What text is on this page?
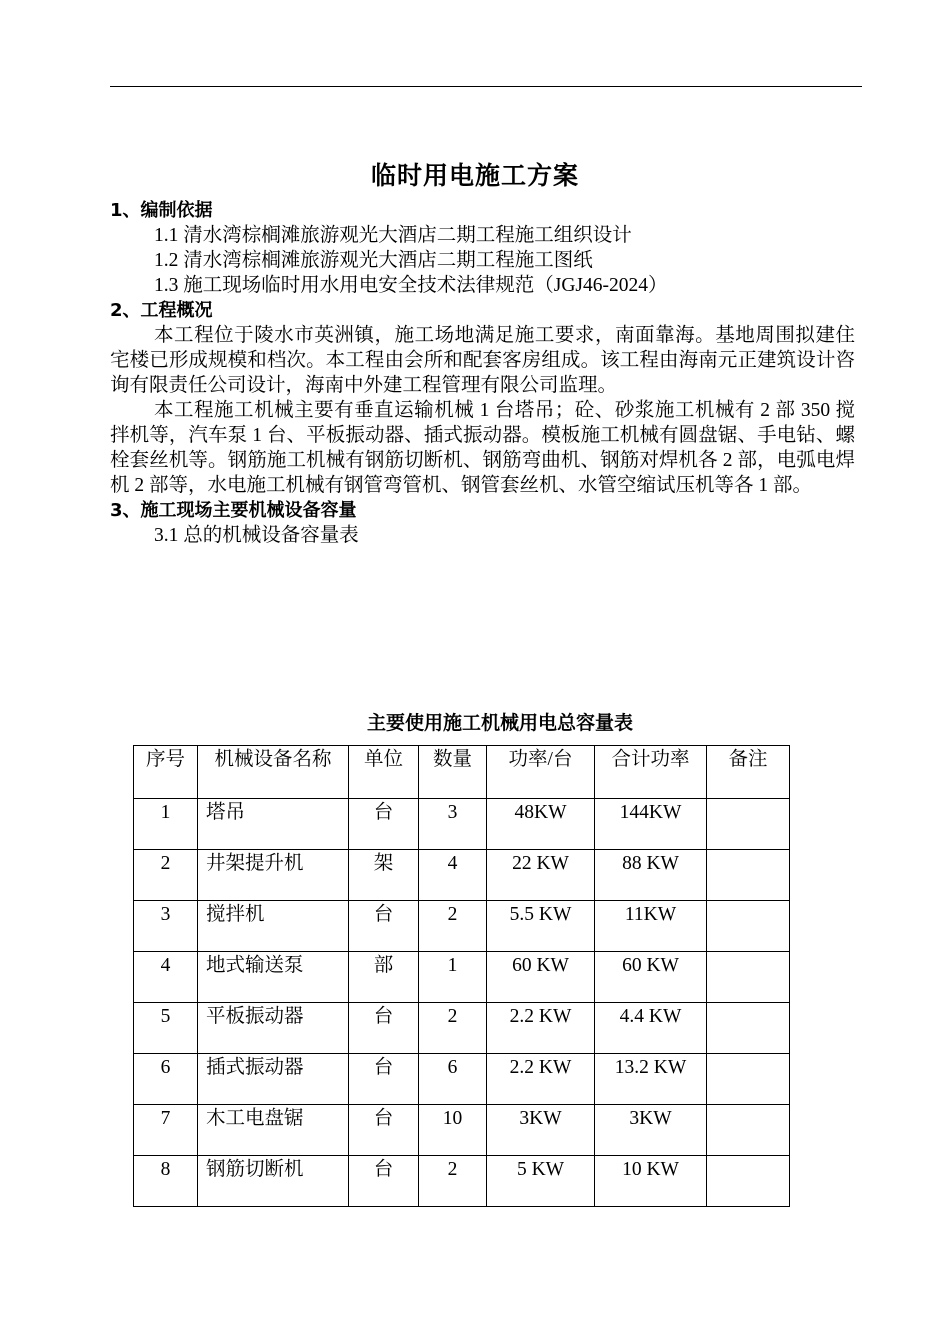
临时用电施工方案
1、编制依据
1.1 清水湾棕榈滩旅游观光大酒店二期工程施工组织设计
1.2 清水湾棕榈滩旅游观光大酒店二期工程施工图纸
1.3 施工现场临时用水用电安全技术法律规范（JGJ46-2024）
2、工程概况
本工程位于陵水市英洲镇，施工场地满足施工要求，南面靠海。基地周围拟建住宅楼已形成规模和档次。本工程由会所和配套客房组成。该工程由海南元正建筑设计咨询有限责任公司设计，海南中外建工程管理有限公司监理。
本工程施工机械主要有垂直运输机械 1 台塔吊；砼、砂浆施工机械有 2 部 350 搅拌机等，汽车泵 1 台、平板振动器、插式振动器。模板施工机械有圆盘锯、手电钻、螺栓套丝机等。钢筋施工机械有钢筋切断机、钢筋弯曲机、钢筋对焊机各 2 部，电弧电焊机 2 部等，水电施工机械有钢管弯管机、钢管套丝机、水管空缩试压机等各 1 部。
3、施工现场主要机械设备容量
3.1 总的机械设备容量表
主要使用施工机械用电总容量表
序号	机械设备名称	单位	数量	功率/台	合计功率	备注
1	塔吊	台	3	48KW	144KW	
2	井架提升机	架	4	22 KW	88 KW	
3	搅拌机	台	2	5.5 KW	11KW	
4	地式输送泵	部	1	60 KW	60 KW	
5	平板振动器	台	2	2.2 KW	4.4 KW	
6	插式振动器	台	6	2.2 KW	13.2 KW	
7	木工电盘锯	台	10	3KW	3KW	
8	钢筋切断机	台	2	5 KW	10 KW	
